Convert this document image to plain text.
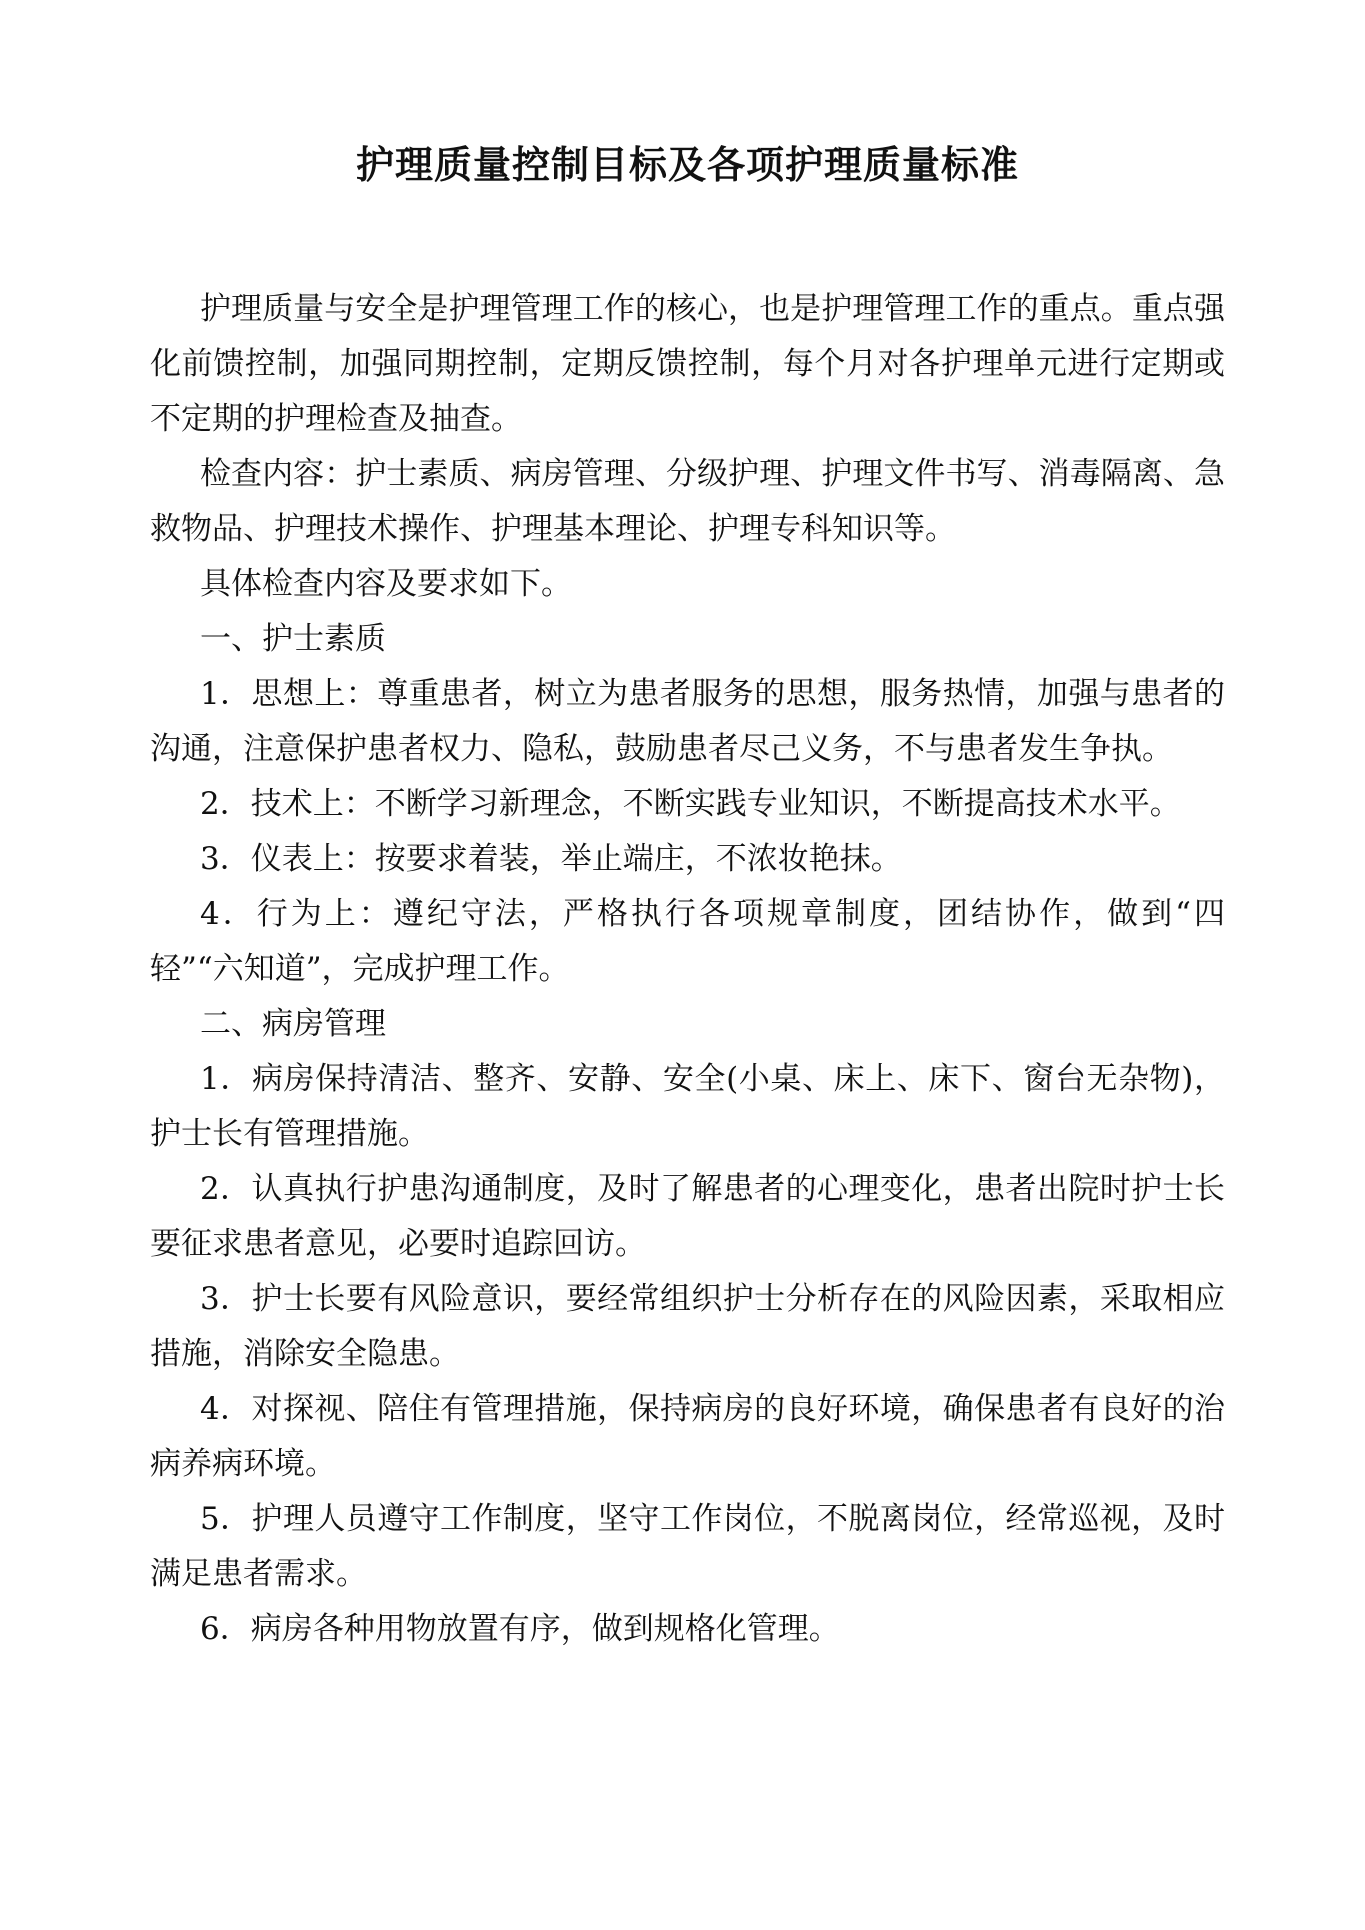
护理质量控制目标及各项护理质量标准

护理质量与安全是护理管理工作的核心，也是护理管理工作的重点。重点强化前馈控制，加强同期控制，定期反馈控制，每个月对各护理单元进行定期或不定期的护理检查及抽查。

检查内容：护士素质、病房管理、分级护理、护理文件书写、消毒隔离、急救物品、护理技术操作、护理基本理论、护理专科知识等。

具体检查内容及要求如下。

一、护士素质

1．思想上：尊重患者，树立为患者服务的思想，服务热情，加强与患者的沟通，注意保护患者权力、隐私，鼓励患者尽己义务，不与患者发生争执。

2．技术上：不断学习新理念，不断实践专业知识，不断提高技术水平。

3．仪表上：按要求着装，举止端庄，不浓妆艳抹。

4．行为上：遵纪守法，严格执行各项规章制度，团结协作，做到“四轻”“六知道”，完成护理工作。

二、病房管理

1．病房保持清洁、整齐、安静、安全(小桌、床上、床下、窗台无杂物)，护士长有管理措施。

2．认真执行护患沟通制度，及时了解患者的心理变化，患者出院时护士长要征求患者意见，必要时追踪回访。

3．护士长要有风险意识，要经常组织护士分析存在的风险因素，采取相应措施，消除安全隐患。

4．对探视、陪住有管理措施，保持病房的良好环境，确保患者有良好的治病养病环境。

5．护理人员遵守工作制度，坚守工作岗位，不脱离岗位，经常巡视，及时满足患者需求。

6．病房各种用物放置有序，做到规格化管理。
